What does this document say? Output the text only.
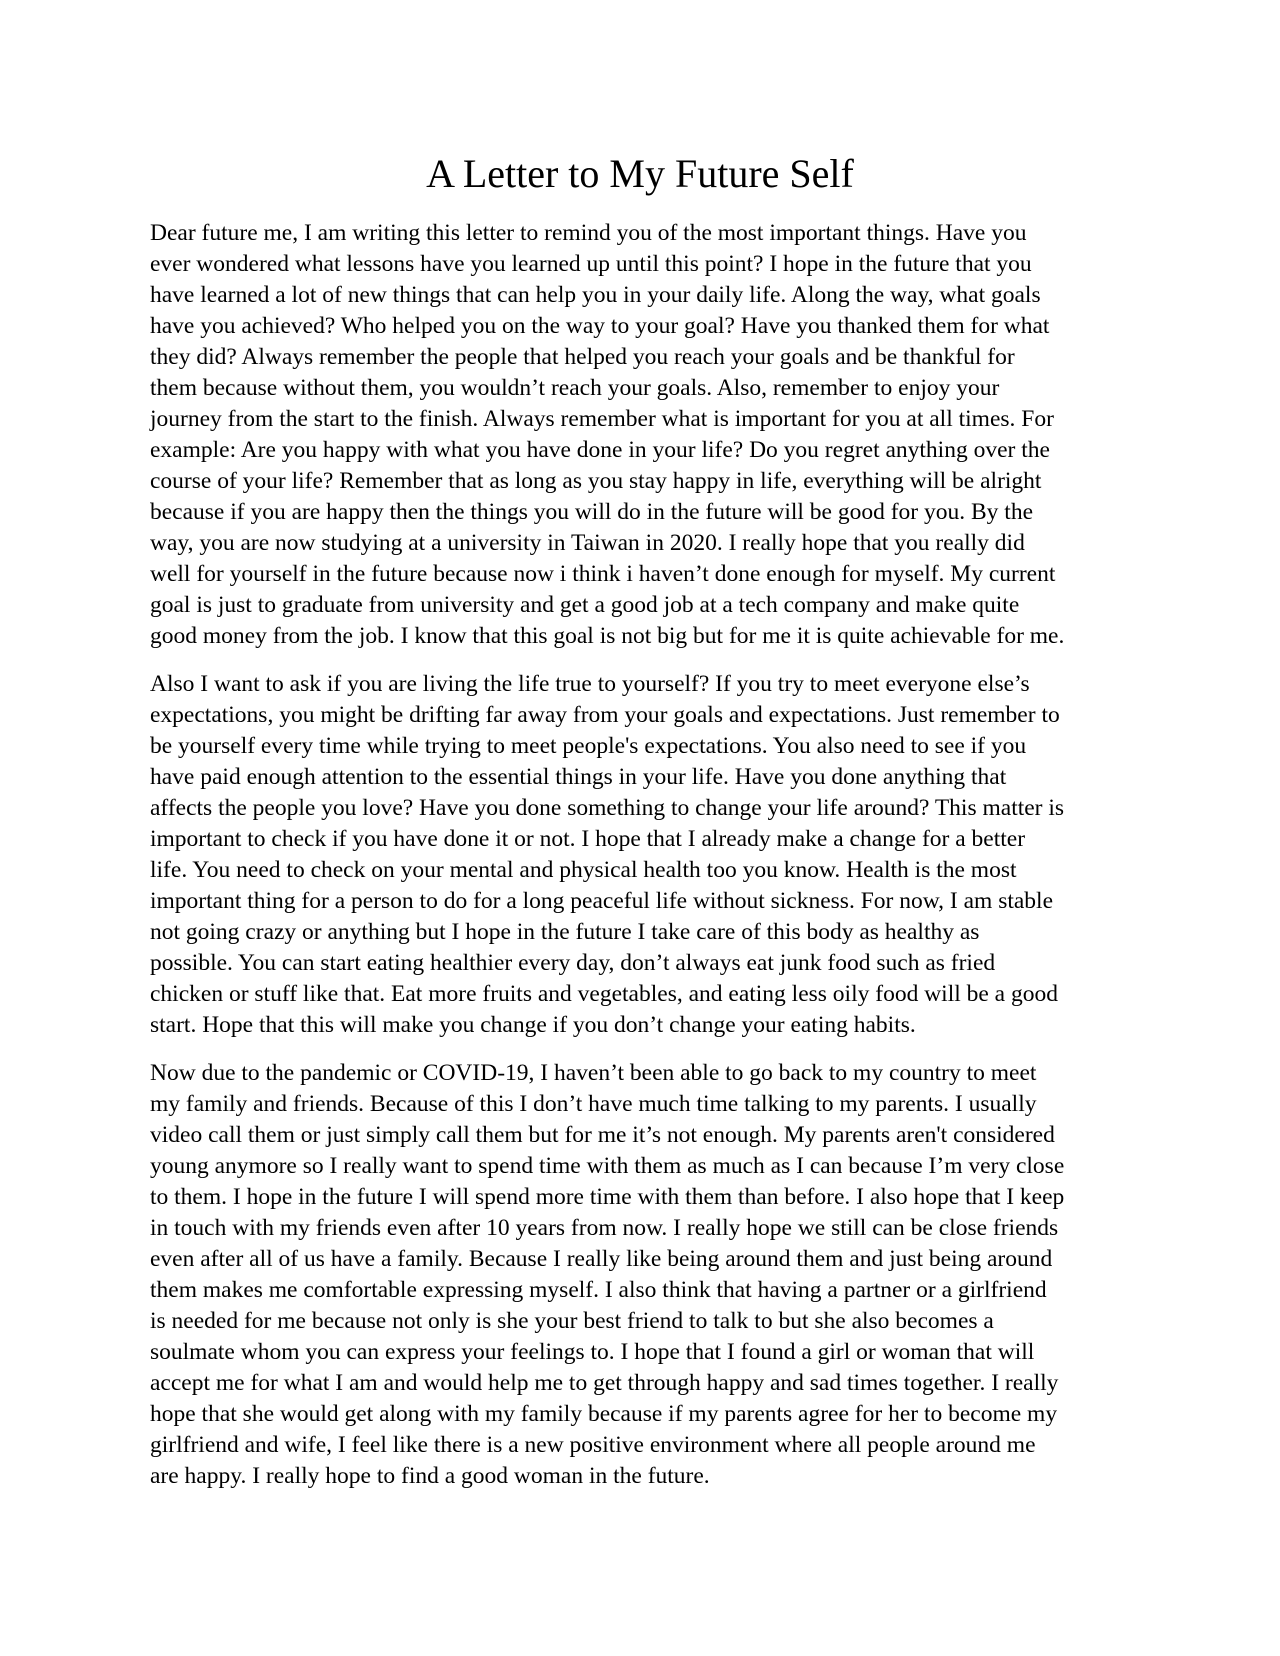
A Letter to My Future Self

Dear future me, I am writing this letter to remind you of the most important things. Have you
ever wondered what lessons have you learned up until this point? I hope in the future that you
have learned a lot of new things that can help you in your daily life. Along the way, what goals
have you achieved? Who helped you on the way to your goal? Have you thanked them for what
they did? Always remember the people that helped you reach your goals and be thankful for
them because without them, you wouldn’t reach your goals. Also, remember to enjoy your
journey from the start to the finish. Always remember what is important for you at all times. For
example: Are you happy with what you have done in your life? Do you regret anything over the
course of your life? Remember that as long as you stay happy in life, everything will be alright
because if you are happy then the things you will do in the future will be good for you. By the
way, you are now studying at a university in Taiwan in 2020. I really hope that you really did
well for yourself in the future because now i think i haven’t done enough for myself. My current
goal is just to graduate from university and get a good job at a tech company and make quite
good money from the job. I know that this goal is not big but for me it is quite achievable for me.

Also I want to ask if you are living the life true to yourself? If you try to meet everyone else’s
expectations, you might be drifting far away from your goals and expectations. Just remember to
be yourself every time while trying to meet people's expectations. You also need to see if you
have paid enough attention to the essential things in your life. Have you done anything that
affects the people you love? Have you done something to change your life around? This matter is
important to check if you have done it or not. I hope that I already make a change for a better
life. You need to check on your mental and physical health too you know. Health is the most
important thing for a person to do for a long peaceful life without sickness. For now, I am stable
not going crazy or anything but I hope in the future I take care of this body as healthy as
possible. You can start eating healthier every day, don’t always eat junk food such as fried
chicken or stuff like that. Eat more fruits and vegetables, and eating less oily food will be a good
start. Hope that this will make you change if you don’t change your eating habits.

Now due to the pandemic or COVID-19, I haven’t been able to go back to my country to meet
my family and friends. Because of this I don’t have much time talking to my parents. I usually
video call them or just simply call them but for me it’s not enough. My parents aren't considered
young anymore so I really want to spend time with them as much as I can because I’m very close
to them. I hope in the future I will spend more time with them than before. I also hope that I keep
in touch with my friends even after 10 years from now. I really hope we still can be close friends
even after all of us have a family. Because I really like being around them and just being around
them makes me comfortable expressing myself. I also think that having a partner or a girlfriend
is needed for me because not only is she your best friend to talk to but she also becomes a
soulmate whom you can express your feelings to. I hope that I found a girl or woman that will
accept me for what I am and would help me to get through happy and sad times together. I really
hope that she would get along with my family because if my parents agree for her to become my
girlfriend and wife, I feel like there is a new positive environment where all people around me
are happy. I really hope to find a good woman in the future.
